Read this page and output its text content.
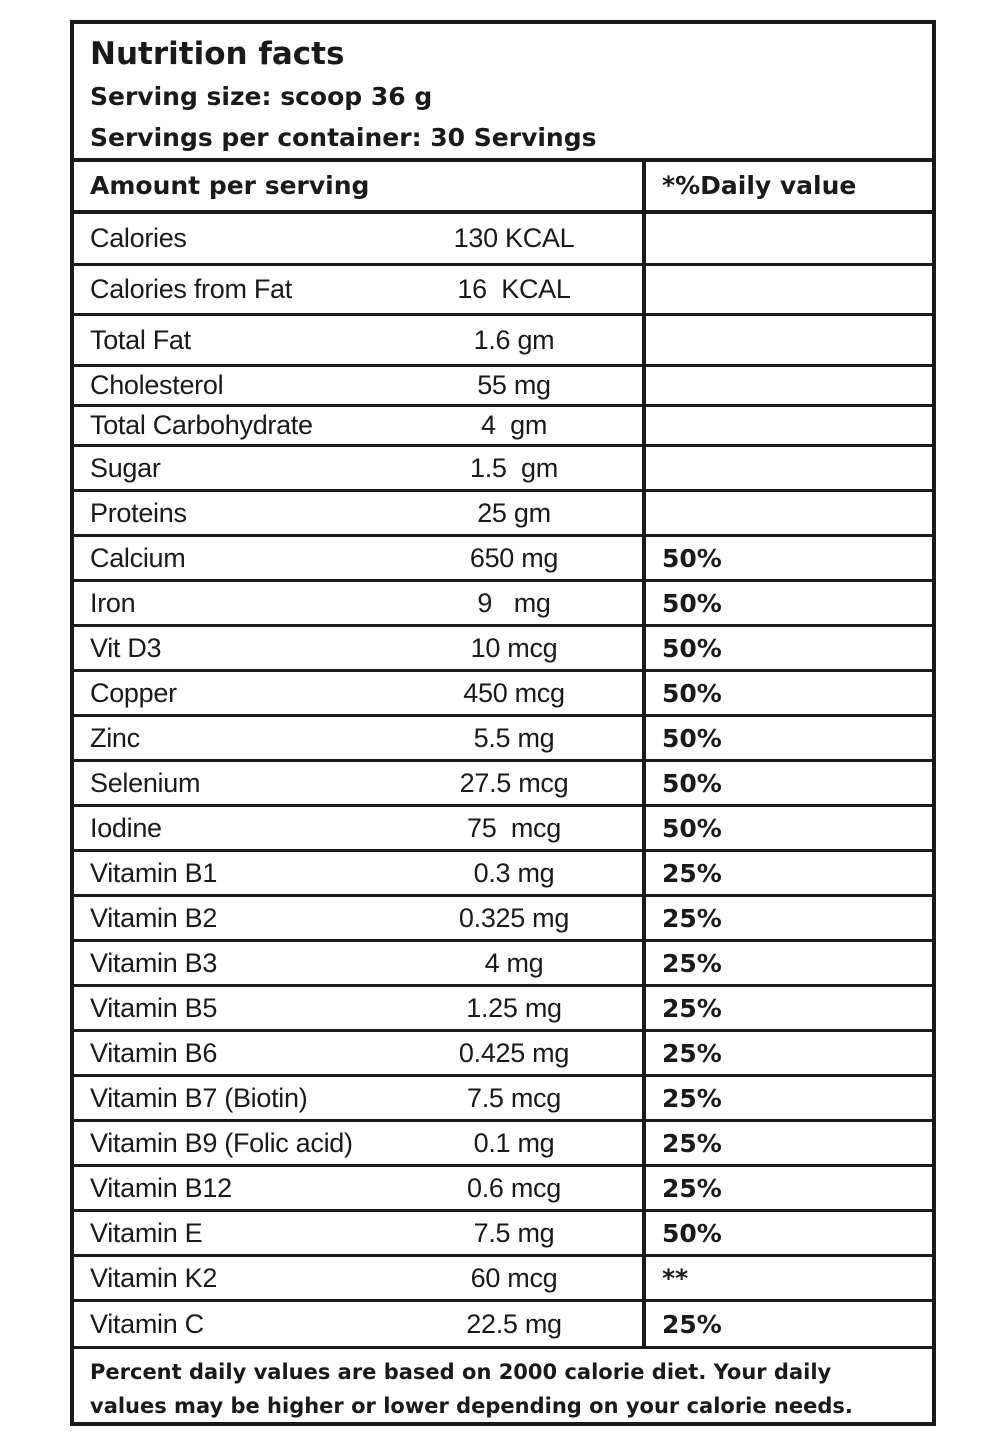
Nutrition facts
Serving size: scoop 36 g
Servings per container: 30 Servings
Amount per serving	*%Daily value
Calories	130 KCAL
Calories from Fat	16  KCAL
Total Fat	1.6 gm
Cholesterol	55 mg
Total Carbohydrate	4  gm
Sugar	1.5  gm
Proteins	25 gm
Calcium	650 mg	50%
Iron	9   mg	50%
Vit D3	10 mcg	50%
Copper	450 mcg	50%
Zinc	5.5 mg	50%
Selenium	27.5 mcg	50%
Iodine	75  mcg	50%
Vitamin B1	0.3 mg	25%
Vitamin B2	0.325 mg	25%
Vitamin B3	4 mg	25%
Vitamin B5	1.25 mg	25%
Vitamin B6	0.425 mg	25%
Vitamin B7 (Biotin)	7.5 mcg	25%
Vitamin B9 (Folic acid)	0.1 mg	25%
Vitamin B12	0.6 mcg	25%
Vitamin E	7.5 mg	50%
Vitamin K2	60 mcg	**
Vitamin C	22.5 mg	25%
Percent daily values are based on 2000 calorie diet. Your daily
values may be higher or lower depending on your calorie needs.
